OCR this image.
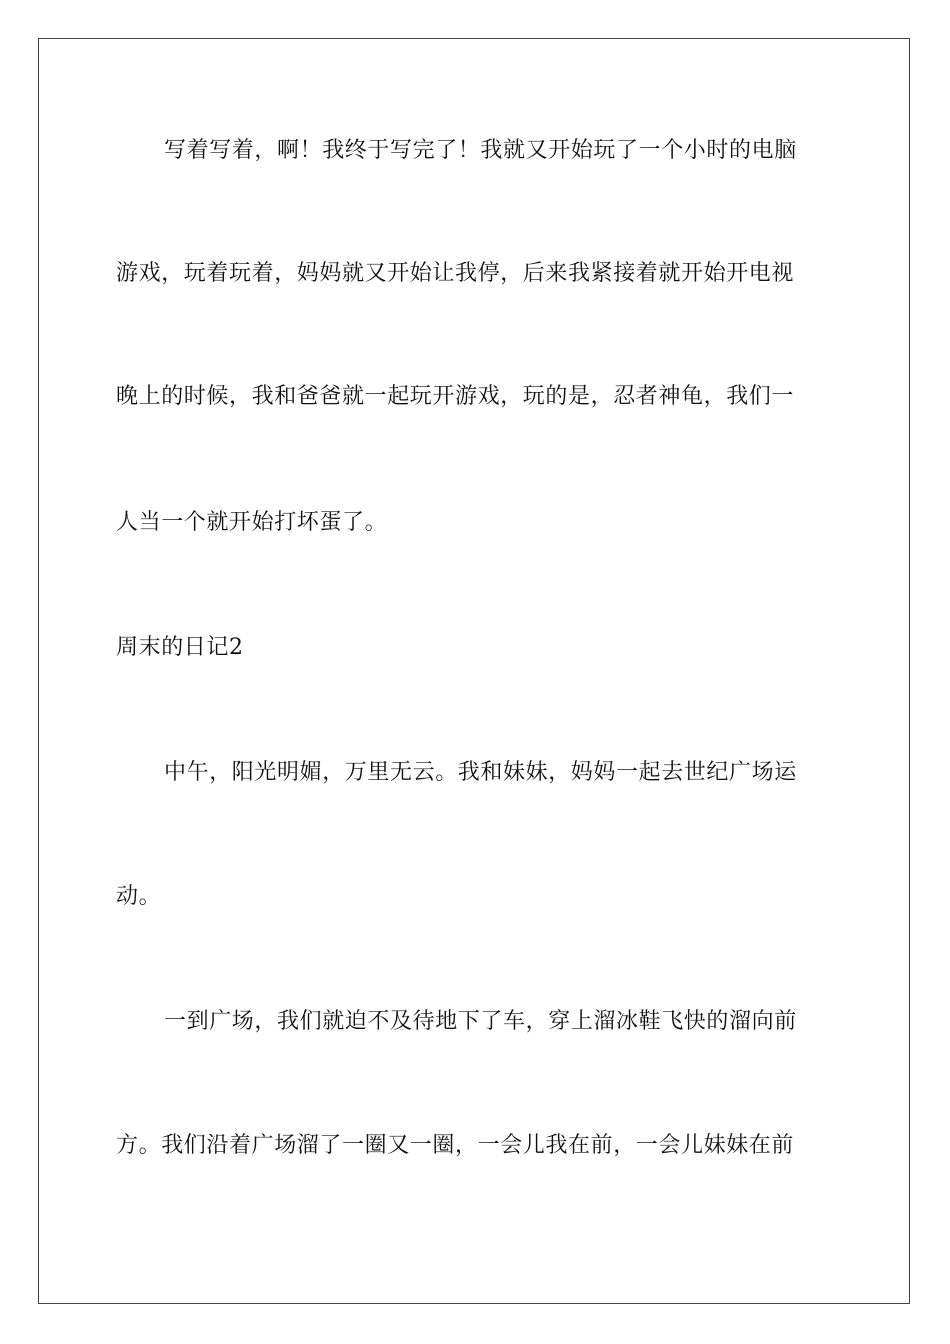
写着写着，啊！我终于写完了！我就又开始玩了一个小时的电脑
游戏，玩着玩着，妈妈就又开始让我停，后来我紧接着就开始开电视
晚上的时候，我和爸爸就一起玩开游戏，玩的是，忍者神龟，我们一
人当一个就开始打坏蛋了。
周末的日记2
中午，阳光明媚，万里无云。我和妹妹，妈妈一起去世纪广场运
动。
一到广场，我们就迫不及待地下了车，穿上溜冰鞋飞快的溜向前
方。我们沿着广场溜了一圈又一圈，一会儿我在前，一会儿妹妹在前
